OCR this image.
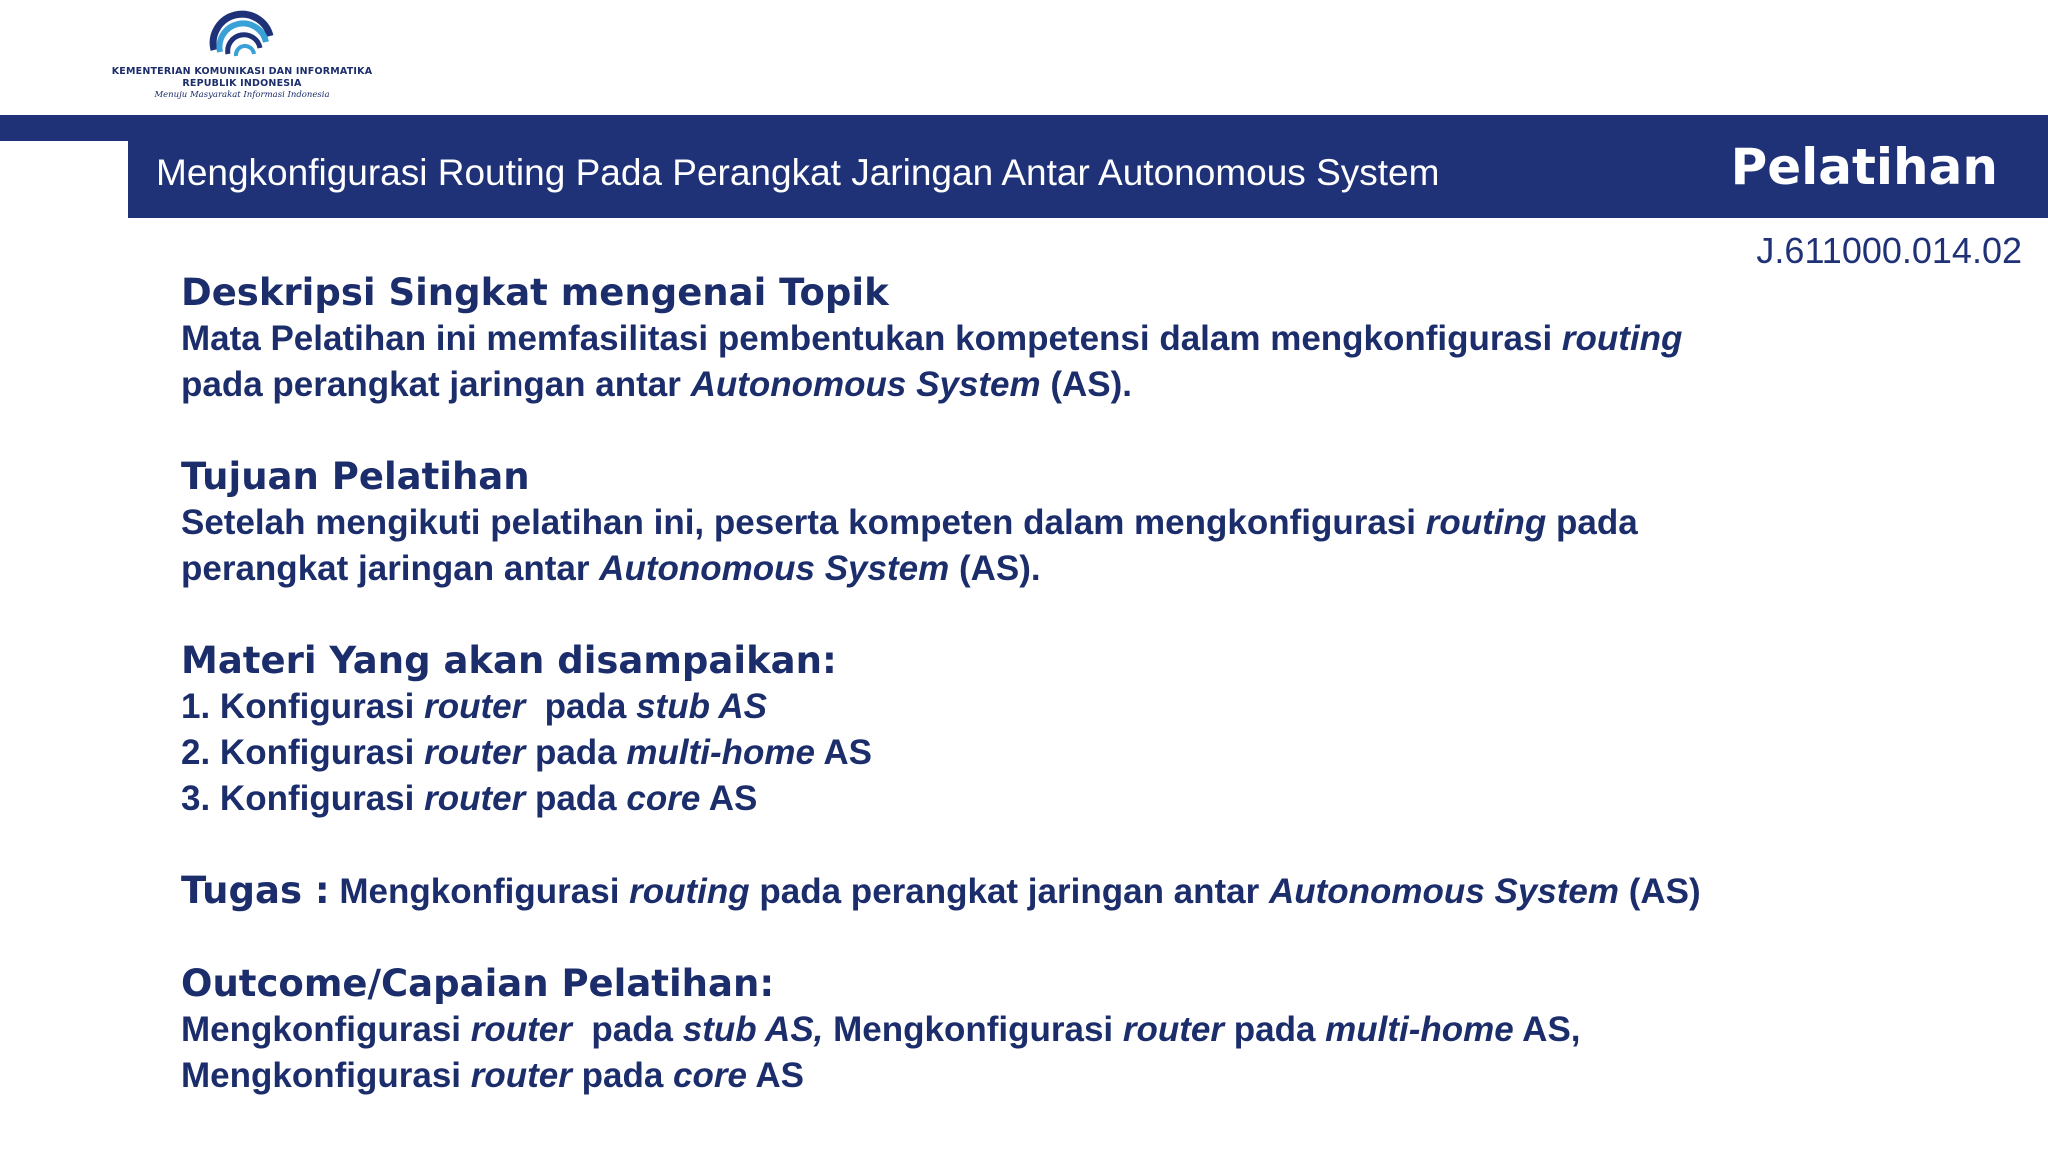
KEMENTERIAN KOMUNIKASI DAN INFORMATIKA
REPUBLIK INDONESIA
Menuju Masyarakat Informasi Indonesia
Mengkonfigurasi Routing Pada Perangkat Jaringan Antar Autonomous System	Pelatihan
J.611000.014.02

Deskripsi Singkat mengenai Topik

Mata Pelatihan ini memfasilitasi pembentukan kompetensi dalam mengkonfigurasi routing

pada perangkat jaringan antar Autonomous System (AS).

Tujuan Pelatihan

Setelah mengikuti pelatihan ini, peserta kompeten dalam mengkonfigurasi routing pada

perangkat jaringan antar Autonomous System (AS).

Materi Yang akan disampaikan:

1. Konfigurasi router  pada stub AS

2. Konfigurasi router pada multi-home AS

3. Konfigurasi router pada core AS

Tugas : Mengkonfigurasi routing pada perangkat jaringan antar Autonomous System (AS)

Outcome/Capaian Pelatihan:

Mengkonfigurasi router  pada stub AS, Mengkonfigurasi router pada multi-home AS,

Mengkonfigurasi router pada core AS
